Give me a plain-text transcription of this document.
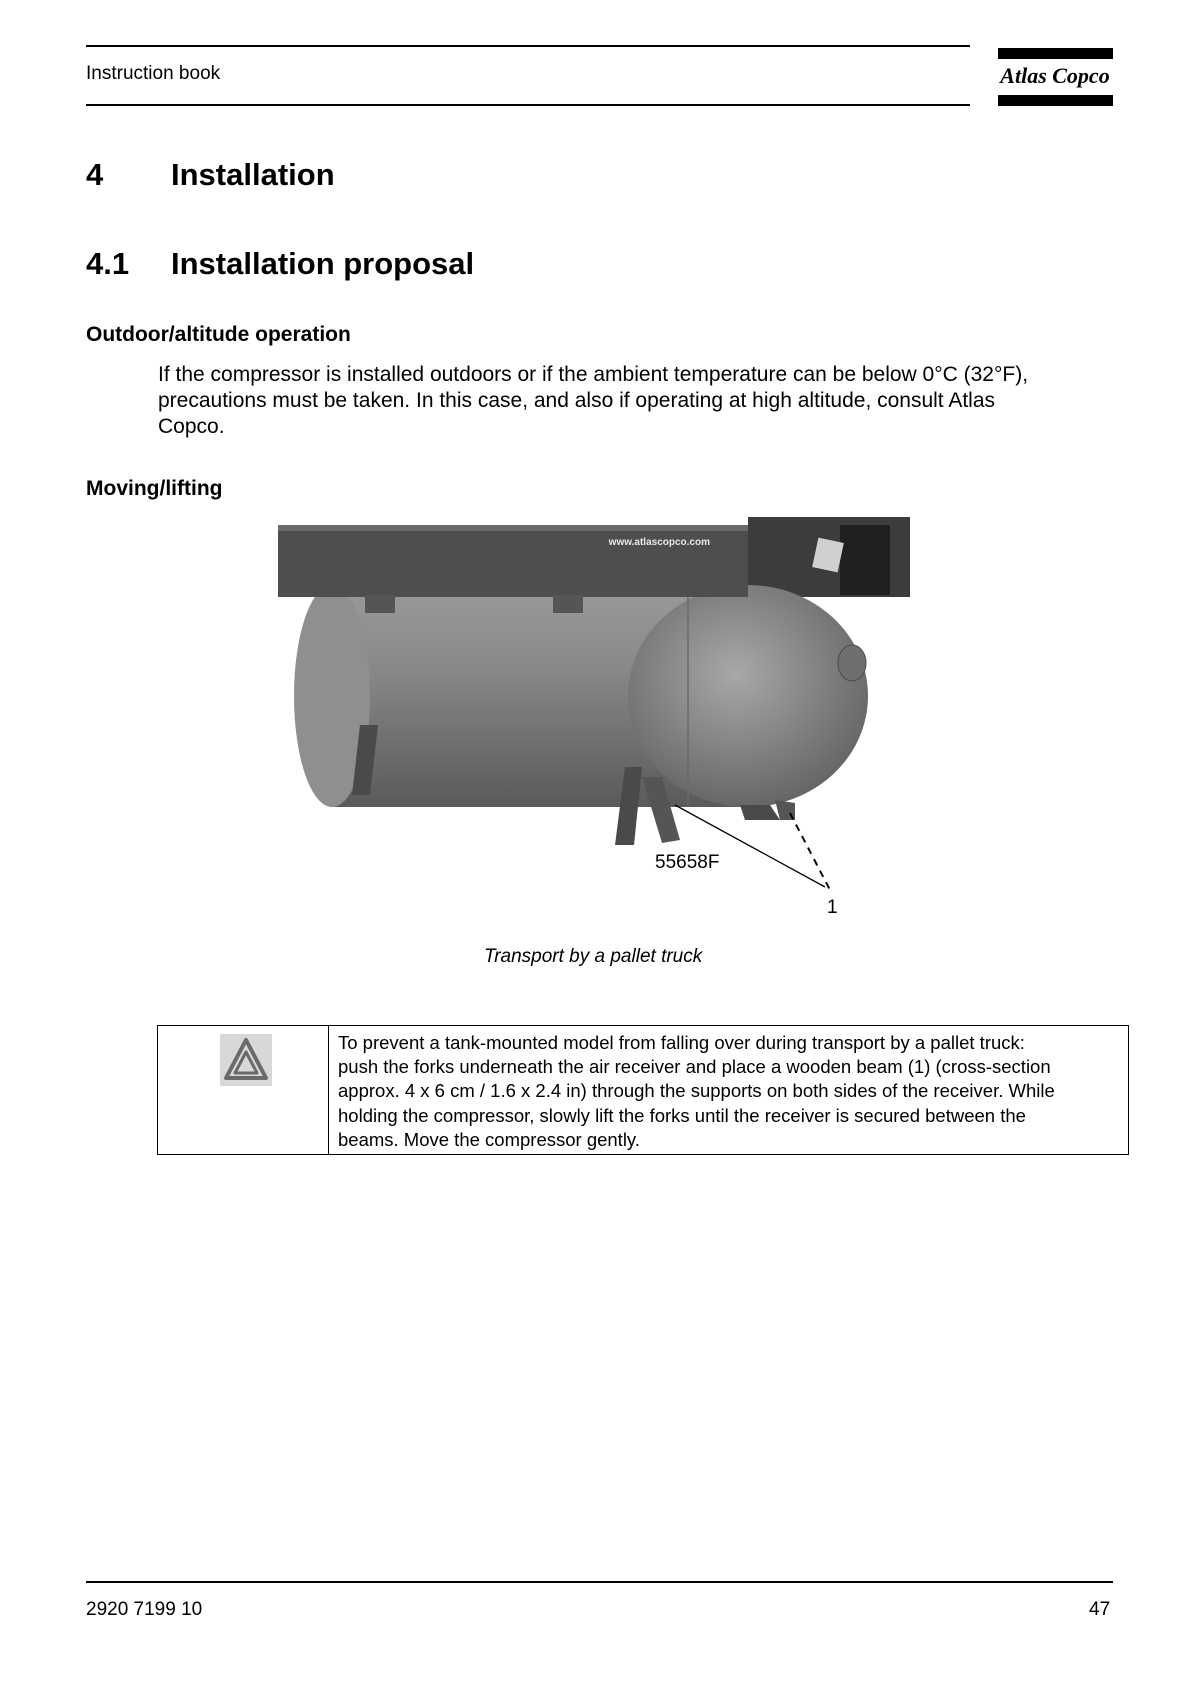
Instruction book	Atlas Copco
4 Installation
4.1 Installation proposal
Outdoor/altitude operation
If the compressor is installed outdoors or if the ambient temperature can be below 0°C (32°F),
precautions must be taken. In this case, and also if operating at high altitude, consult Atlas
Copco.
Moving/lifting
www.atlascopco.com
55658F
1
Transport by a pallet truck
To prevent a tank-mounted model from falling over during transport by a pallet truck:
push the forks underneath the air receiver and place a wooden beam (1) (cross-section
approx. 4 x 6 cm / 1.6 x 2.4 in) through the supports on both sides of the receiver. While
holding the compressor, slowly lift the forks until the receiver is secured between the
beams. Move the compressor gently.
2920 7199 10	47
